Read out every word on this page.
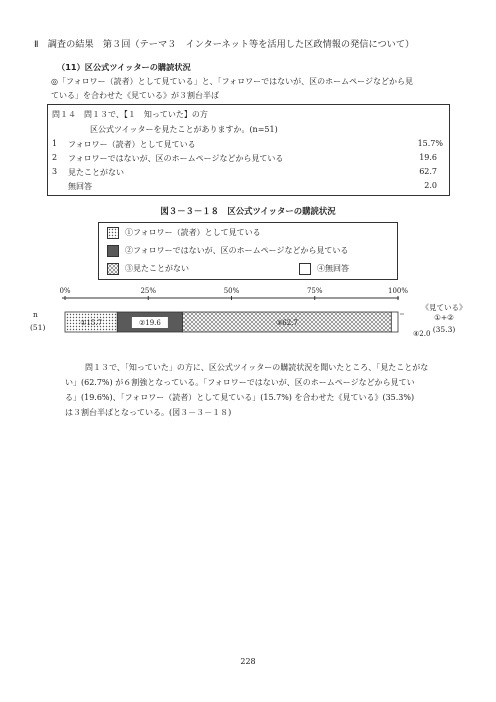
Ⅱ　調査の結果　第３回（テーマ３　インターネット等を活用した区政情報の発信について）
（11）区公式ツイッターの購読状況
◎「フォロワー（読者）として見ている」と、「フォロワーではないが、区のホームページなどから見
ている」を合わせた《見ている》が３割台半ば
問１４　問１３で、【１　知っていた】の方
区公式ツイッターを見たことがありますか。(n=51)
1 フォロワー（読者）として見ている	15.7%
2 フォロワーではないが、区のホームページなどから見ている	19.6
3 見たことがない	62.7
無回答	2.0
図３－３－１８　区公式ツイッターの購読状況
①フォロワー（読者）として見ている
②フォロワーではないが、区のホームページなどから見ている
③見たことがない	④無回答
0%	25%	50%	75%	100%
n
(51)	①15.7	②19.6	③62.7
④2.0
《見ている》
①+②
(35.3)
問１３で、「知っていた」の方に、区公式ツイッターの購読状況を聞いたところ、「見たことがな
い」(62.7%) が６割強となっている。「フォロワーではないが、区のホームページなどから見てい
る」(19.6%)、「フォロワー（読者）として見ている」(15.7%) を合わせた《見ている》(35.3%)
は３割台半ばとなっている。(図３－３－１８)
228
